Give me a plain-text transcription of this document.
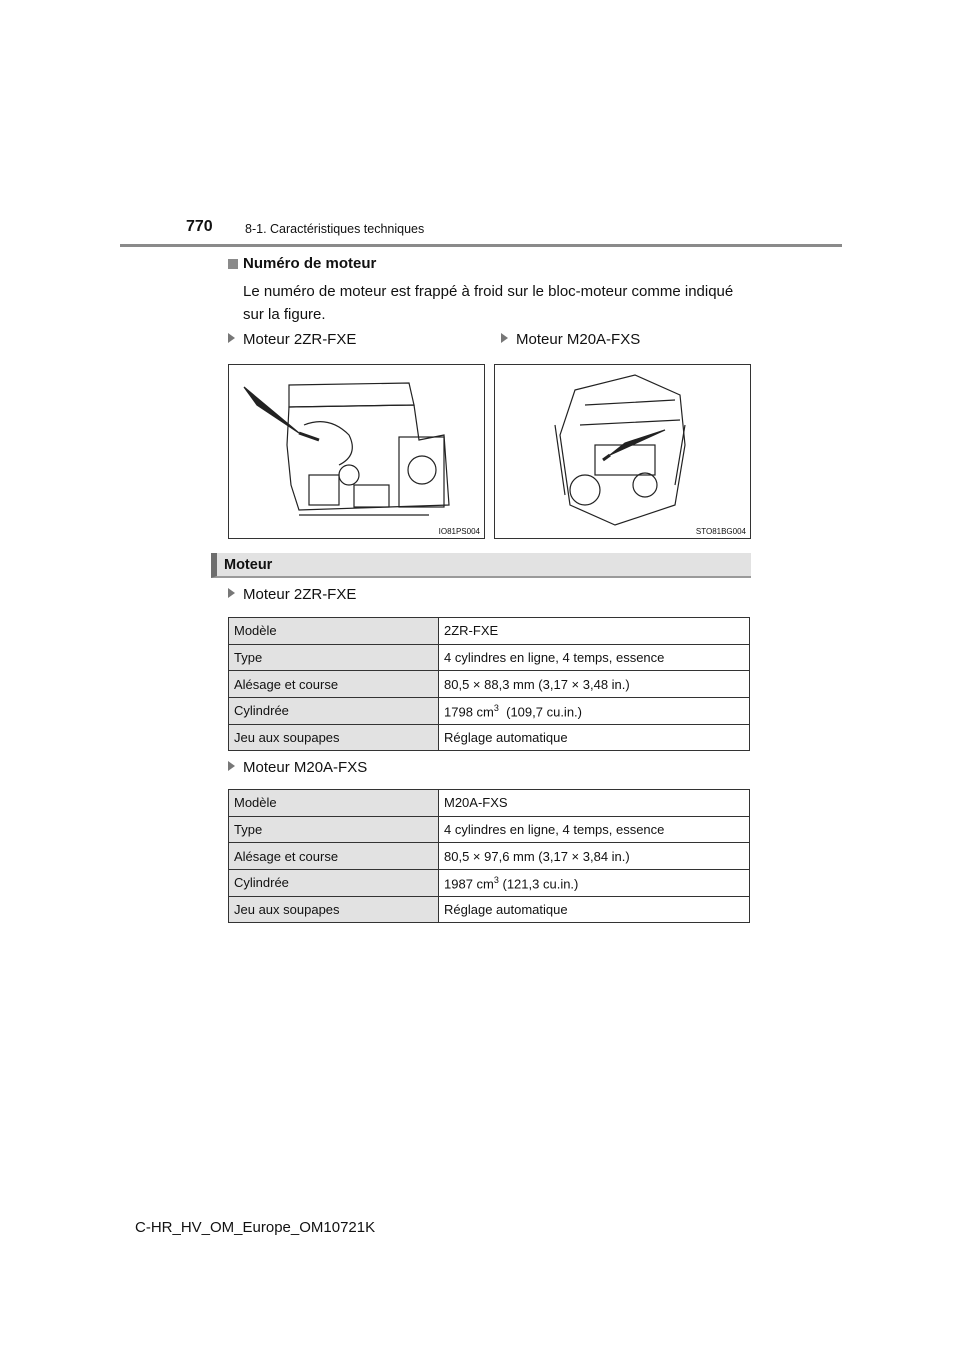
770	8-1. Caractéristiques techniques
Numéro de moteur
Le numéro de moteur est frappé à froid sur le bloc-moteur comme indiqué sur la figure.
Moteur 2ZR-FXE	Moteur M20A-FXS
IO81PS004	STO81BG004
Moteur
Moteur 2ZR-FXE
Modèle	2ZR-FXE
Type	4 cylindres en ligne, 4 temps, essence
Alésage et course	80,5 × 88,3 mm (3,17 × 3,48 in.)
Cylindrée	1798 $cm^3$  (109,7 cu.in.)
Jeu aux soupapes	Réglage automatique
Moteur M20A-FXS
Modèle	M20A-FXS
Type	4 cylindres en ligne, 4 temps, essence
Alésage et course	80,5 × 97,6 mm (3,17 × 3,84 in.)
Cylindrée	1987 $cm^3$ (121,3 cu.in.)
Jeu aux soupapes	Réglage automatique
C-HR_HV_OM_Europe_OM10721K
